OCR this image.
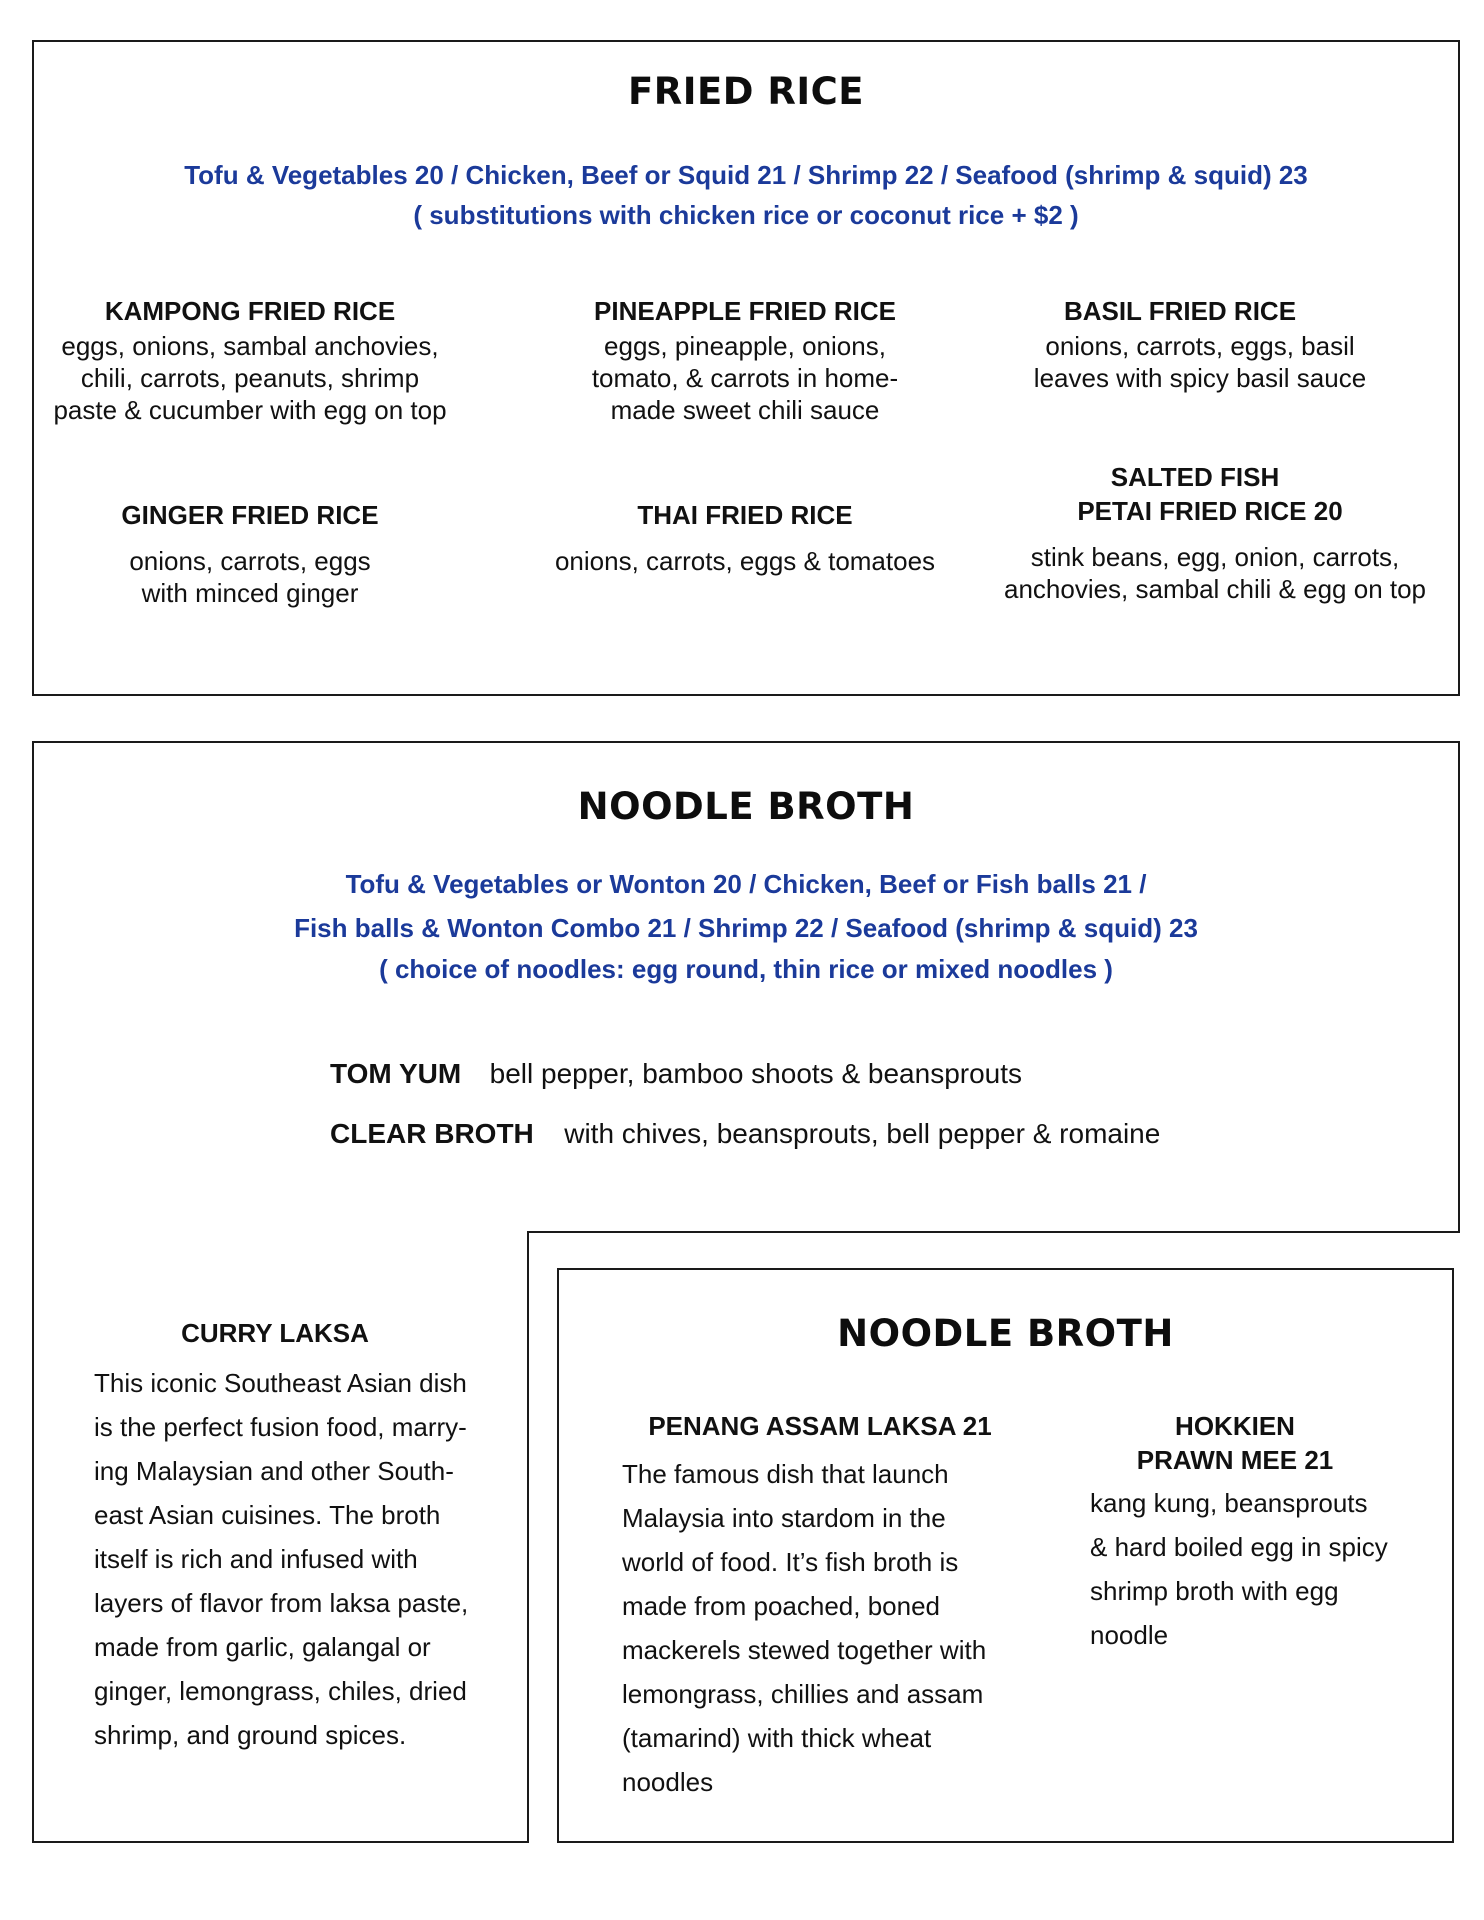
FRIED RICE
Tofu & Vegetables 20 / Chicken, Beef or Squid 21 / Shrimp 22 / Seafood (shrimp & squid) 23
( substitutions with chicken rice or coconut rice + $2 )
KAMPONG FRIED RICE
eggs, onions, sambal anchovies,
chili, carrots, peanuts, shrimp
paste & cucumber with egg on top
PINEAPPLE FRIED RICE
eggs, pineapple, onions,
tomato, & carrots in home-
made sweet chili sauce
BASIL FRIED RICE
onions, carrots, eggs, basil
leaves with spicy basil sauce
GINGER FRIED RICE
onions, carrots, eggs
with minced ginger
THAI FRIED RICE
onions, carrots, eggs & tomatoes
SALTED FISH
PETAI FRIED RICE 20
stink beans, egg, onion, carrots,
anchovies, sambal chili & egg on top
NOODLE BROTH
Tofu & Vegetables or Wonton 20 / Chicken, Beef or Fish balls 21 /
Fish balls & Wonton Combo 21 / Shrimp 22 / Seafood (shrimp & squid) 23
( choice of noodles: egg round, thin rice or mixed noodles )
TOM YUM bell pepper, bamboo shoots & beansprouts
CLEAR BROTH with chives, beansprouts, bell pepper & romaine
CURRY LAKSA
This iconic Southeast Asian dish
is the perfect fusion food, marry-
ing Malaysian and other South-
east Asian cuisines. The broth
itself is rich and infused with
layers of flavor from laksa paste,
made from garlic, galangal or
ginger, lemongrass, chiles, dried
shrimp, and ground spices.
NOODLE BROTH
PENANG ASSAM LAKSA 21
The famous dish that launch
Malaysia into stardom in the
world of food. It’s fish broth is
made from poached, boned
mackerels stewed together with
lemongrass, chillies and assam
(tamarind) with thick wheat
noodles
HOKKIEN
PRAWN MEE 21
kang kung, beansprouts
& hard boiled egg in spicy
shrimp broth with egg
noodle
